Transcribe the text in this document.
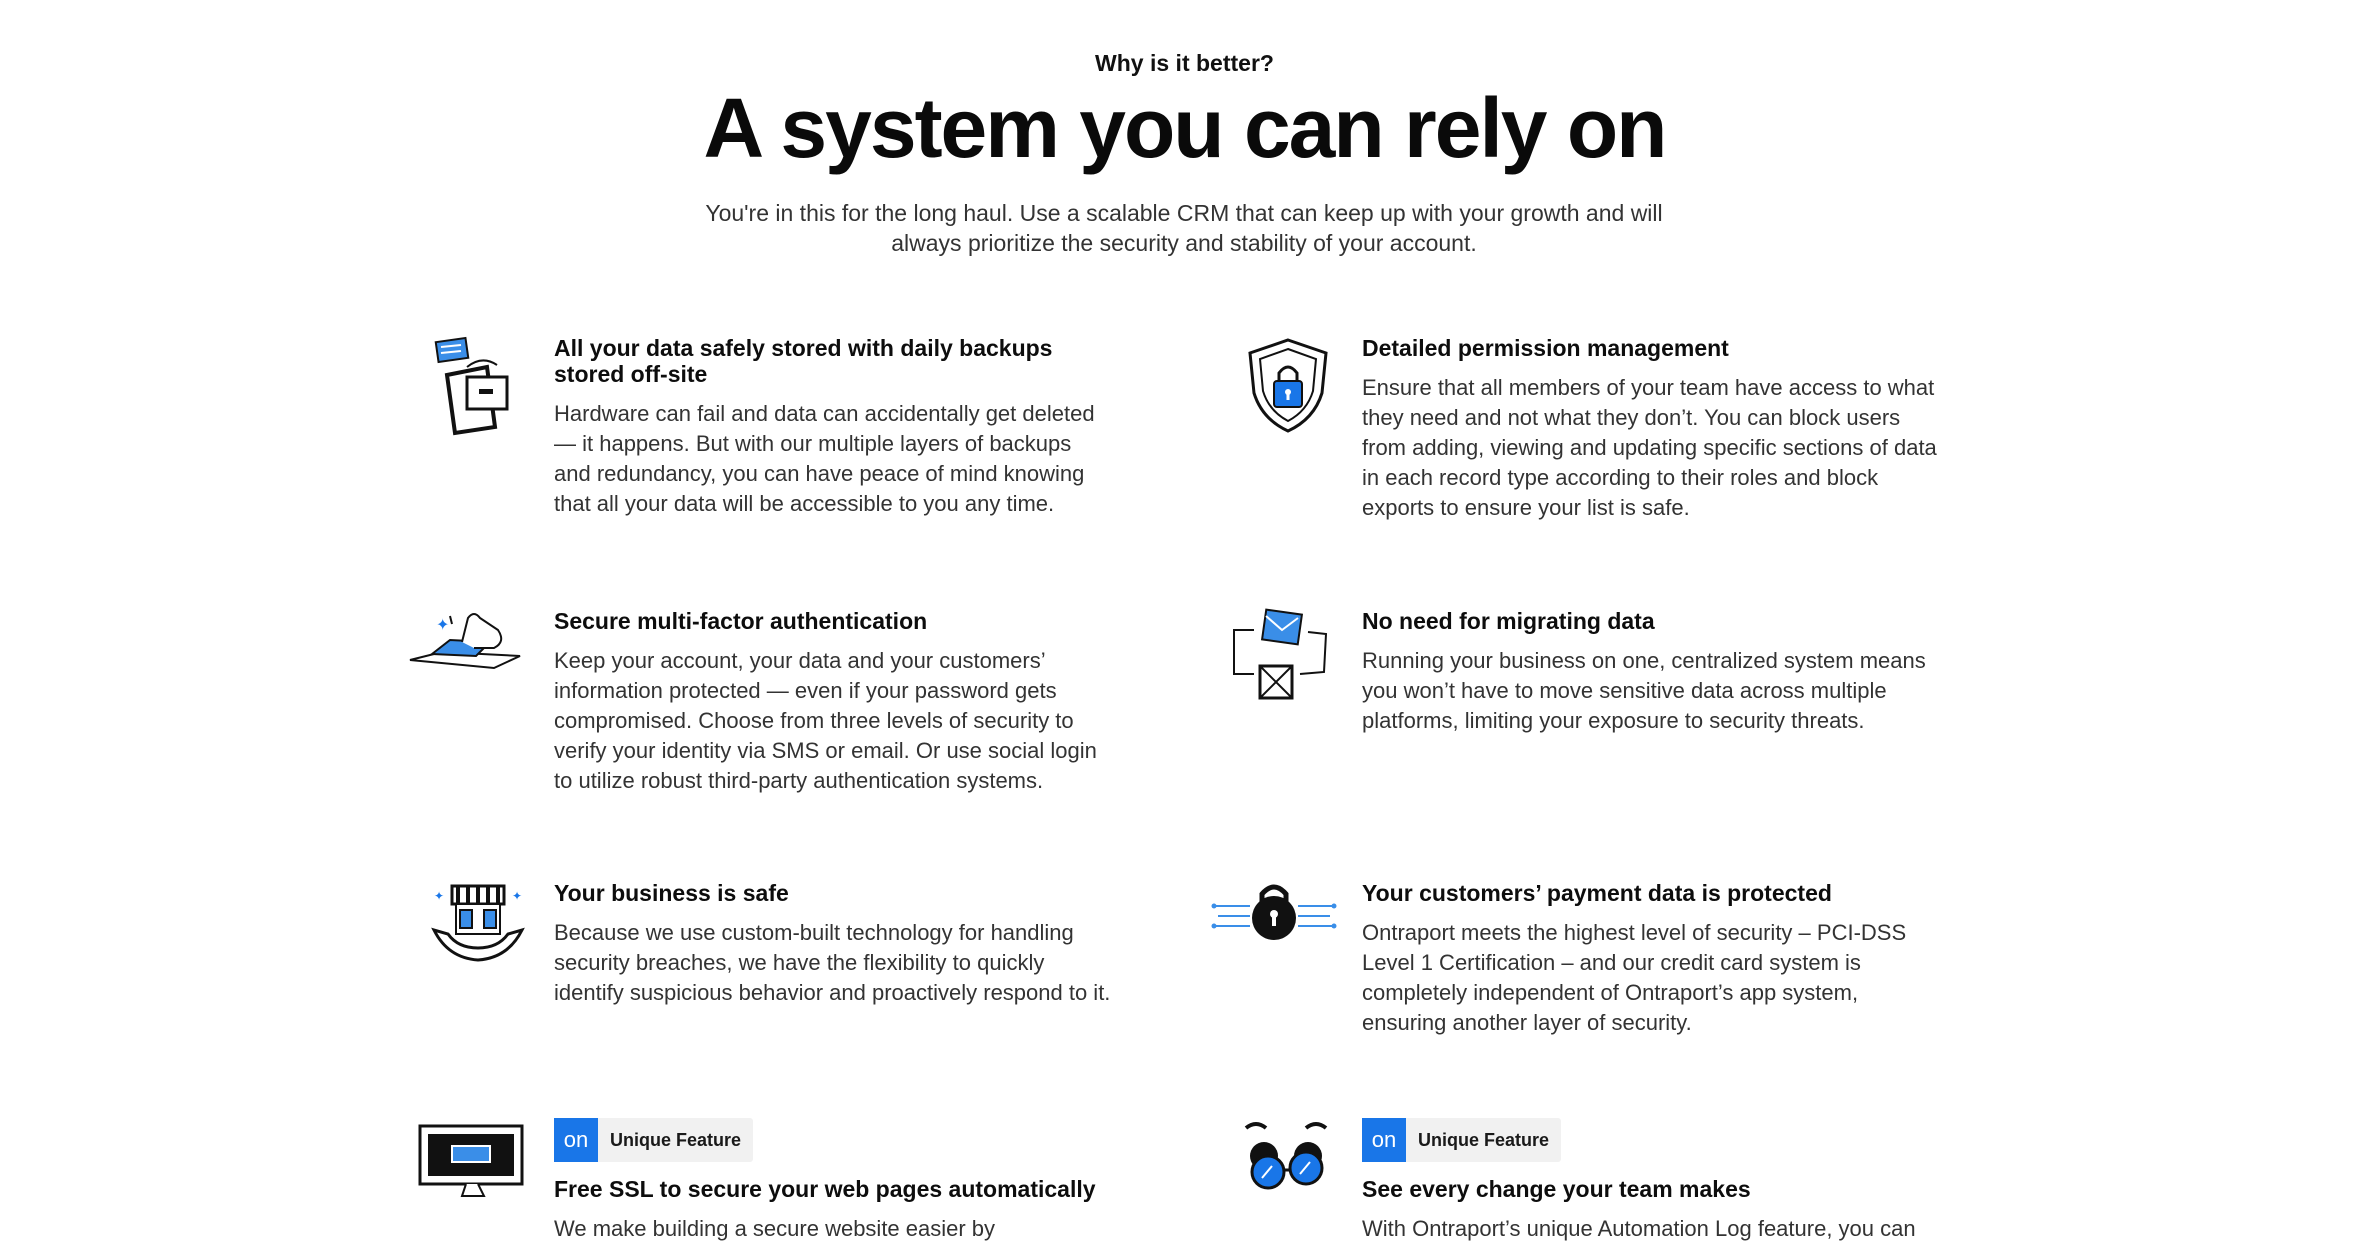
Why is it better?
A system you can rely on
You're in this for the long haul. Use a scalable CRM that can keep up with your growth and will always prioritize the security and stability of your account.
All your data safely stored with daily backups stored off-site
Hardware can fail and data can accidentally get deleted — it happens. But with our multiple layers of backups and redundancy, you can have peace of mind knowing that all your data will be accessible to you any time.
Detailed permission management
Ensure that all members of your team have access to what they need and not what they don’t. You can block users from adding, viewing and updating specific sections of data in each record type according to their roles and block exports to ensure your list is safe.
✦	Secure multi-factor authentication
Keep your account, your data and your customers’ information protected — even if your password gets compromised. Choose from three levels of security to verify your identity via SMS or email. Or use social login to utilize robust third-party authentication systems.
No need for migrating data
Running your business on one, centralized system means you won’t have to move sensitive data across multiple platforms, limiting your exposure to security threats.
✦	✦ Your business is safe
Because we use custom-built technology for handling security breaches, we have the flexibility to quickly identify suspicious behavior and proactively respond to it.
Your customers’ payment data is protected
Ontraport meets the highest level of security – PCI-DSS Level 1 Certification – and our credit card system is completely independent of Ontraport’s app system, ensuring another layer of security.
on	Unique Feature
Free SSL to secure your web pages automatically
We make building a secure website easier by
on	Unique Feature
See every change your team makes
With Ontraport’s unique Automation Log feature, you can
